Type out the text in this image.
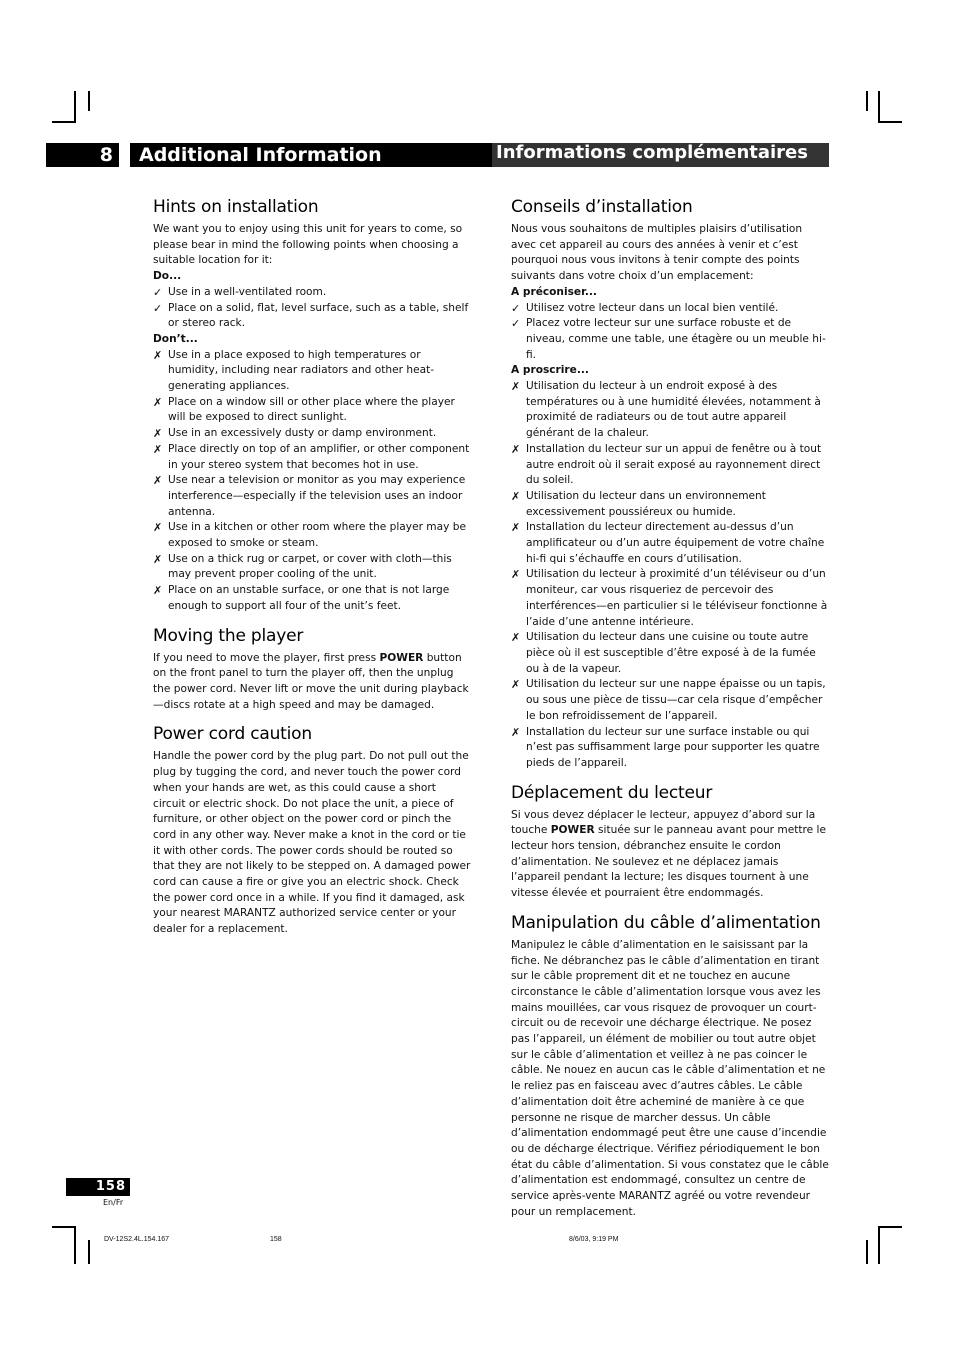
8	Additional Information	Informations complémentaires
Hints on installation

We want you to enjoy using this unit for years to come, so please bear in mind the following points when choosing a suitable location for it:

Do...

✓ Use in a well-ventilated room.
✓ Place on a solid, flat, level surface, such as a table, shelf or stereo rack.

Don’t...

✗ Use in a place exposed to high temperatures or humidity, including near radiators and other heat-generating appliances.
✗ Place on a window sill or other place where the player will be exposed to direct sunlight.
✗ Use in an excessively dusty or damp environment.
✗ Place directly on top of an amplifier, or other component in your stereo system that becomes hot in use.
✗ Use near a television or monitor as you may experience interference—especially if the television uses an indoor antenna.
✗ Use in a kitchen or other room where the player may be exposed to smoke or steam.
✗ Use on a thick rug or carpet, or cover with cloth—this may prevent proper cooling of the unit.
✗ Place on an unstable surface, or one that is not large enough to support all four of the unit’s feet.
Moving the player

If you need to move the player, first press POWER button on the front panel to turn the player off, then the unplug the power cord. Never lift or move the unit during playback—discs rotate at a high speed and may be damaged.

Power cord caution

Handle the power cord by the plug part. Do not pull out the plug by tugging the cord, and never touch the power cord when your hands are wet, as this could cause a short circuit or electric shock. Do not place the unit, a piece of furniture, or other object on the power cord or pinch the cord in any other way. Never make a knot in the cord or tie it with other cords. The power cords should be routed so that they are not likely to be stepped on. A damaged power cord can cause a fire or give you an electric shock. Check the power cord once in a while. If you find it damaged, ask your nearest MARANTZ authorized service center or your dealer for a replacement.

Conseils d’installation

Nous vous souhaitons de multiples plaisirs d’utilisation avec cet appareil au cours des années à venir et c’est pourquoi nous vous invitons à tenir compte des points suivants dans votre choix d’un emplacement:

A préconiser...

✓ Utilisez votre lecteur dans un local bien ventilé.
✓ Placez votre lecteur sur une surface robuste et de niveau, comme une table, une étagère ou un meuble hi-fi.

A proscrire...

✗ Utilisation du lecteur à un endroit exposé à des températures ou à une humidité élevées, notamment à proximité de radiateurs ou de tout autre appareil générant de la chaleur.
✗ Installation du lecteur sur un appui de fenêtre ou à tout autre endroit où il serait exposé au rayonnement direct du soleil.
✗ Utilisation du lecteur dans un environnement excessivement poussiéreux ou humide.
✗ Installation du lecteur directement au-dessus d’un amplificateur ou d’un autre équipement de votre chaîne hi-fi qui s’échauffe en cours d’utilisation.
✗ Utilisation du lecteur à proximité d’un téléviseur ou d’un moniteur, car vous risqueriez de percevoir des interférences—en particulier si le téléviseur fonctionne à l’aide d’une antenne intérieure.
✗ Utilisation du lecteur dans une cuisine ou toute autre pièce où il est susceptible d’être exposé à de la fumée ou à de la vapeur.
✗ Utilisation du lecteur sur une nappe épaisse ou un tapis, ou sous une pièce de tissu—car cela risque d’empêcher le bon refroidissement de l’appareil.
✗ Installation du lecteur sur une surface instable ou qui n’est pas suffisamment large pour supporter les quatre pieds de l’appareil.
Déplacement du lecteur

Si vous devez déplacer le lecteur, appuyez d’abord sur la touche POWER située sur le panneau avant pour mettre le lecteur hors tension, débranchez ensuite le cordon d’alimentation. Ne soulevez et ne déplacez jamais l’appareil pendant la lecture; les disques tournent à une vitesse élevée et pourraient être endommagés.

Manipulation du câble d’alimentation

Manipulez le câble d’alimentation en le saisissant par la fiche. Ne débranchez pas le câble d’alimentation en tirant sur le câble proprement dit et ne touchez en aucune circonstance le câble d’alimentation lorsque vous avez les mains mouillées, car vous risquez de provoquer un court-circuit ou de recevoir une décharge électrique. Ne posez pas l’appareil, un élément de mobilier ou tout autre objet sur le câble d’alimentation et veillez à ne pas coincer le câble. Ne nouez en aucun cas le câble d’alimentation et ne le reliez pas en faisceau avec d’autres câbles. Le câble d’alimentation doit être acheminé de manière à ce que personne ne risque de marcher dessus. Un câble d’alimentation endommagé peut être une cause d’incendie ou de décharge électrique. Vérifiez périodiquement le bon état du câble d’alimentation. Si vous constatez que le câble d’alimentation est endommagé, consultez un centre de service après-vente MARANTZ agréé ou votre revendeur pour un remplacement.

158
En/Fr
DV-12S2.4L.154.167	158	8/6/03, 9:19 PM
